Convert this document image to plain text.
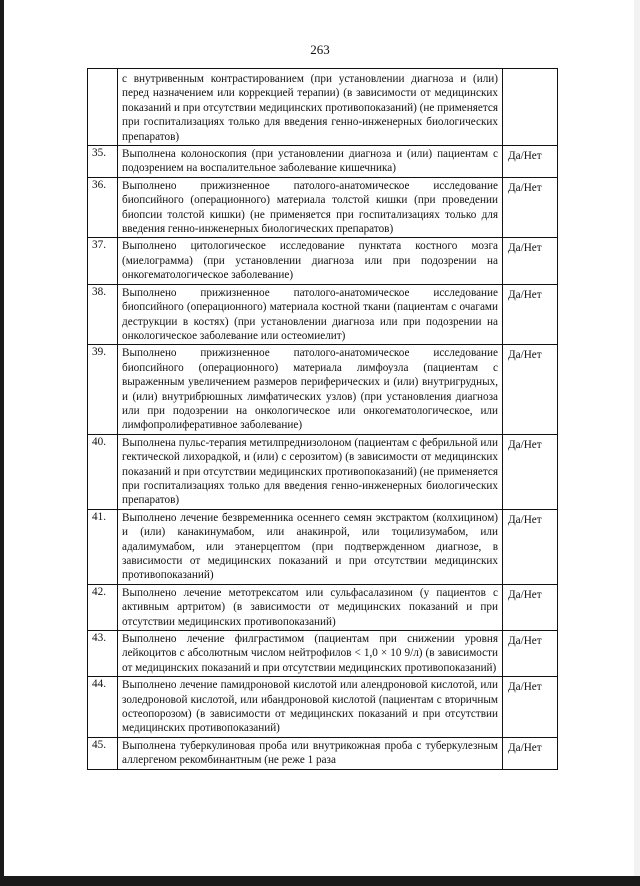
263
	с внутривенным контрастированием (при установлении диагноза и (или) перед назначением или коррекцией терапии) (в зависимости от медицинских показаний и при отсутствии медицинских противопоказаний) (не применяется при госпитализациях только для введения генно-инженерных биологических препаратов)	
35.	Выполнена колоноскопия (при установлении диагноза и (или) пациентам с подозрением на воспалительное заболевание кишечника)	Да/Нет
36.	Выполнено прижизненное патолого-анатомическое исследование биопсийного (операционного) материала толстой кишки (при проведении биопсии толстой кишки) (не применяется при госпитализациях только для введения генно-инженерных биологических препаратов)	Да/Нет
37.	Выполнено цитологическое исследование пунктата костного мозга (миелограмма) (при установлении диагноза или при подозрении на онкогематологическое заболевание)	Да/Нет
38.	Выполнено прижизненное патолого-анатомическое исследование биопсийного (операционного) материала костной ткани (пациентам с очагами деструкции в костях) (при установлении диагноза или при подозрении на онкологическое заболевание или остеомиелит)	Да/Нет
39.	Выполнено прижизненное патолого-анатомическое исследование биопсийного (операционного) материала лимфоузла (пациентам с выраженным увеличением размеров периферических и (или) внутригрудных, и (или) внутрибрюшных лимфатических узлов) (при установления диагноза или при подозрении на онкологическое или онкогематологическое, или лимфопролиферативное заболевание)	Да/Нет
40.	Выполнена пульс-терапия метилпреднизолоном (пациентам с фебрильной или гектической лихорадкой, и (или) с серозитом) (в зависимости от медицинских показаний и при отсутствии медицинских противопоказаний) (не применяется при госпитализациях только для введения генно-инженерных биологических препаратов)	Да/Нет
41.	Выполнено лечение безвременника осеннего семян экстрактом (колхицином) и (или) канакинумабом, или анакинрой, или тоцилизумабом, или адалимумабом, или этанерцептом (при подтвержденном диагнозе, в зависимости от медицинских показаний и при отсутствии медицинских противопоказаний)	Да/Нет
42.	Выполнено лечение метотрексатом или сульфасалазином (у пациентов с активным артритом) (в зависимости от медицинских показаний и при отсутствии медицинских противопоказаний)	Да/Нет
43.	Выполнено лечение филграстимом (пациентам при снижении уровня лейкоцитов с абсолютным числом нейтрофилов < 1,0 × 10 9/л) (в зависимости от медицинских показаний и при отсутствии медицинских противопоказаний)	Да/Нет
44.	Выполнено лечение памидроновой кислотой или алендроновой кислотой, или золедроновой кислотой, или ибандроновой кислотой (пациентам с вторичным остеопорозом) (в зависимости от медицинских показаний и при отсутствии медицинских противопоказаний)	Да/Нет
45.	Выполнена туберкулиновая проба или внутрикожная проба с туберкулезным аллергеном рекомбинантным (не реже 1 раза	Да/Нет
